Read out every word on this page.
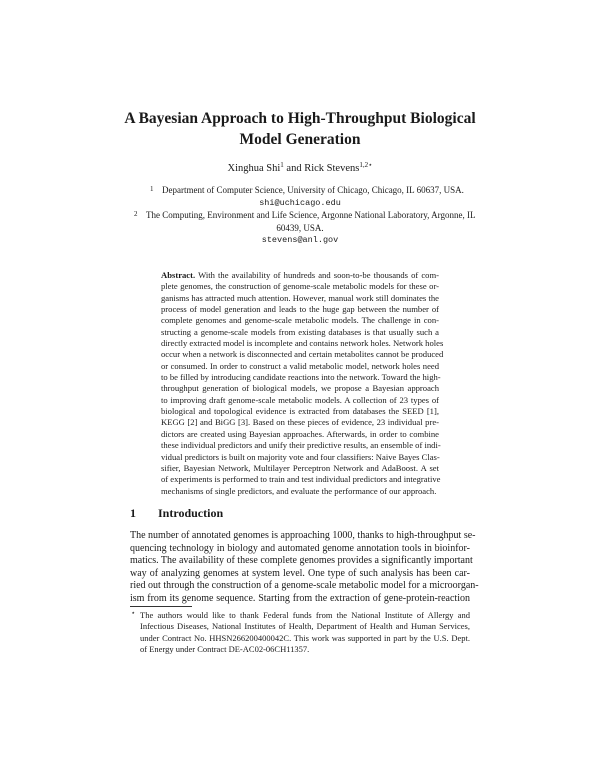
A Bayesian Approach to High-Throughput Biological
Model Generation
Xinghua Shi$^1$ and Rick Stevens$^{1,2⋆}$
1 Department of Computer Science, University of Chicago, Chicago, IL 60637, USA.
shi@uchicago.edu
2 The Computing, Environment and Life Science, Argonne National Laboratory, Argonne, IL
60439, USA.
stevens@anl.gov
Abstract. With the availability of hundreds and soon-to-be thousands of com-
plete genomes, the construction of genome-scale metabolic models for these or-
ganisms has attracted much attention. However, manual work still dominates the
process of model generation and leads to the huge gap between the number of
complete genomes and genome-scale metabolic models. The challenge in con-
structing a genome-scale models from existing databases is that usually such a
directly extracted model is incomplete and contains network holes. Network holes
occur when a network is disconnected and certain metabolites cannot be produced
or consumed. In order to construct a valid metabolic model, network holes need
to be filled by introducing candidate reactions into the network. Toward the high-
throughput generation of biological models, we propose a Bayesian approach
to improving draft genome-scale metabolic models. A collection of 23 types of
biological and topological evidence is extracted from databases the SEED [1],
KEGG [2] and BiGG [3]. Based on these pieces of evidence, 23 individual pre-
dictors are created using Bayesian approaches. Afterwards, in order to combine
these individual predictors and unify their predictive results, an ensemble of indi-
vidual predictors is built on majority vote and four classifiers: Naive Bayes Clas-
sifier, Bayesian Network, Multilayer Perceptron Network and AdaBoost. A set
of experiments is performed to train and test individual predictors and integrative
mechanisms of single predictors, and evaluate the performance of our approach.
1 Introduction
The number of annotated genomes is approaching 1000, thanks to high-throughput se-
quencing technology in biology and automated genome annotation tools in bioinfor-
matics. The availability of these complete genomes provides a significantly important
way of analyzing genomes at system level. One type of such analysis has been car-
ried out through the construction of a genome-scale metabolic model for a microorgan-
ism from its genome sequence. Starting from the extraction of gene-protein-reaction
⋆ The authors would like to thank Federal funds from the National Institute of Allergy and
Infectious Diseases, National Institutes of Health, Department of Health and Human Services,
under Contract No. HHSN266200400042C. This work was supported in part by the U.S. Dept.
of Energy under Contract DE-AC02-06CH11357.
